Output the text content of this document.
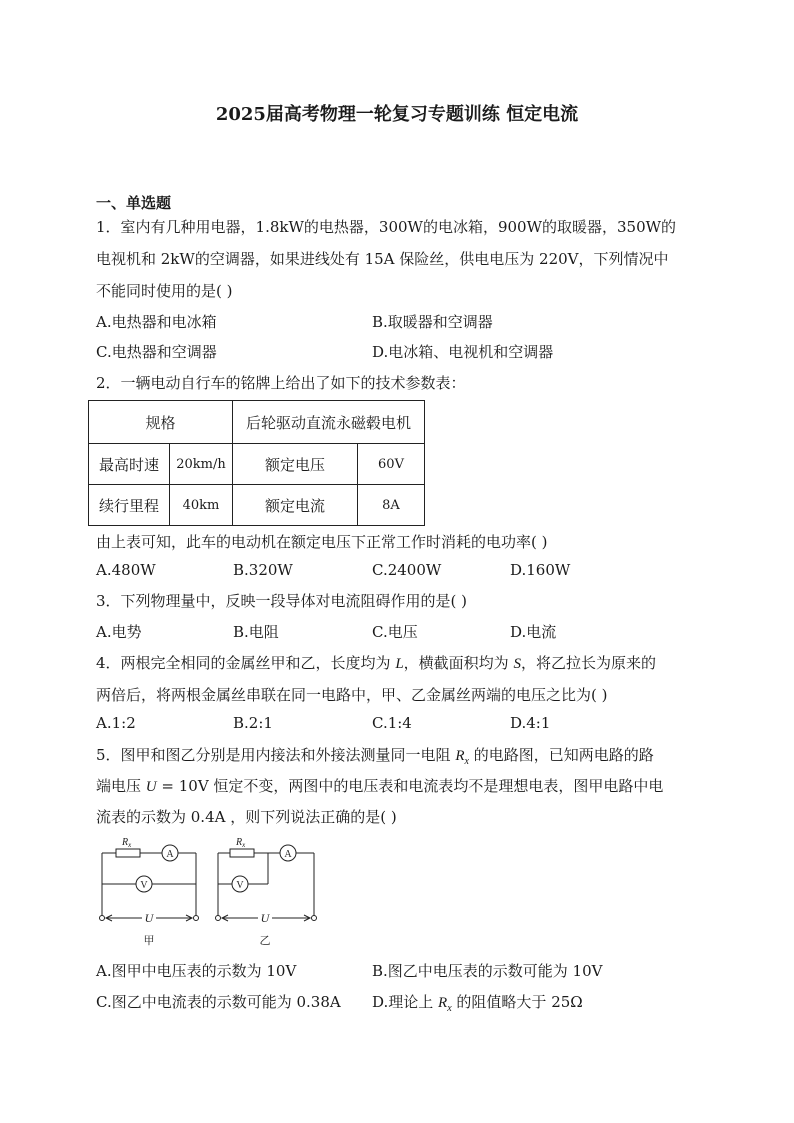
2025届高考物理一轮复习专题训练 恒定电流
一、单选题
1．室内有几种用电器，1.8kW的电热器，300W的电冰箱，900W的取暖器，350W的
电视机和 2kW的空调器，如果进线处有 15A 保险丝，供电电压为 220V，下列情况中
不能同时使用的是( )
A.电热器和电冰箱	B.取暖器和空调器
C.电热器和空调器	D.电冰箱、电视机和空调器
2．一辆电动自行车的铭牌上给出了如下的技术参数表：
规格		后轮驱动直流永磁毂电机	
最高时速	20km/h	额定电压	60V
续行里程	40km	额定电流	8A
由上表可知，此车的电动机在额定电压下正常工作时消耗的电功率( )
A.480W	B.320W	C.2400W	D.160W
3．下列物理量中，反映一段导体对电流阻碍作用的是( )
A.电势	B.电阻	C.电压	D.电流
4．两根完全相同的金属丝甲和乙，长度均为 L，横截面积均为 S，将乙拉长为原来的
两倍后，将两根金属丝串联在同一电路中，甲、乙金属丝两端的电压之比为( )
A.1:2	B.2:1	C.1:4	D.4:1
5．图甲和图乙分别是用内接法和外接法测量同一电阻 $R_x$ 的电路图，已知两电路的路
端电压 U = 10V 恒定不变，两图中的电压表和电流表均不是理想电表，图甲电路中电
流表的示数为 0.4A ，则下列说法正确的是( )
$R_x$	$R_x$
A
V
A
V
U	U
甲	乙
A.图甲中电压表的示数为 10V	B.图乙中电压表的示数可能为 10V
C.图乙中电流表的示数可能为 0.38A D.理论上 $R_x$ 的阻值略大于 25Ω
